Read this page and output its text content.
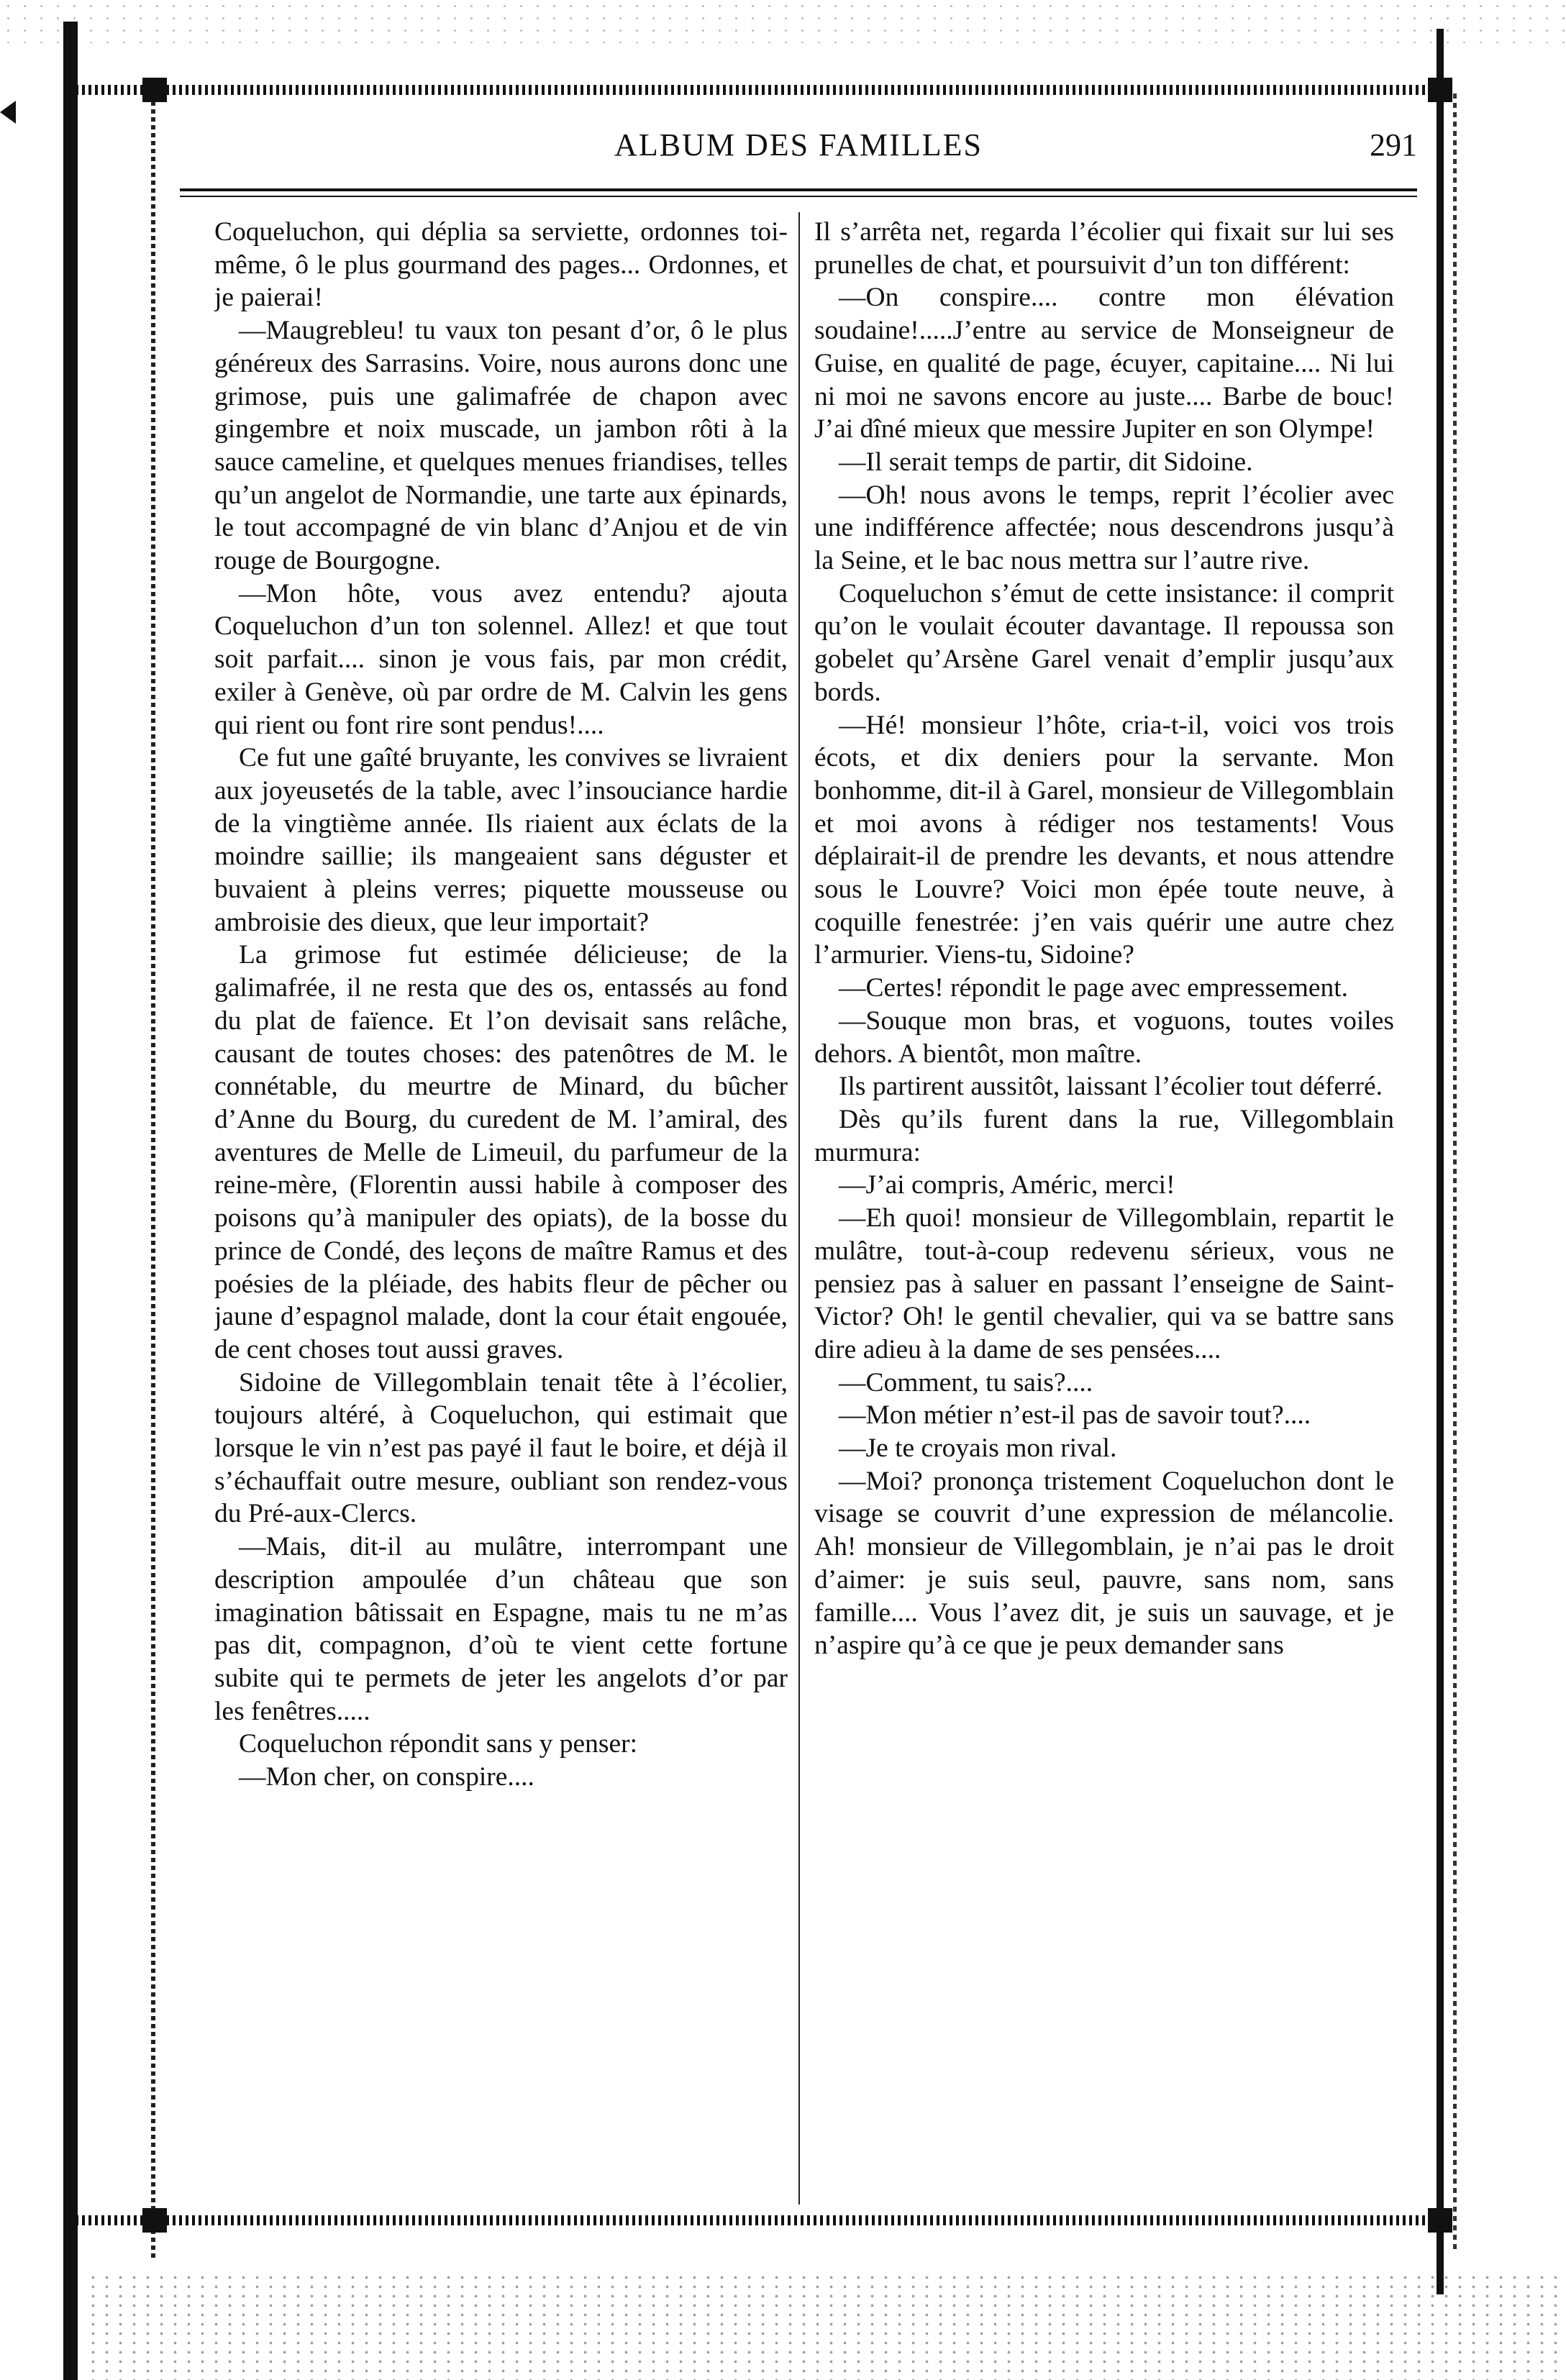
ALBUM DES FAMILLES	291

Coqueluchon, qui déplia sa serviette, ordonnes toi-même, ô le plus gourmand des pages... Ordonnes, et je paierai!

—Maugrebleu! tu vaux ton pesant d’or, ô le plus généreux des Sarrasins. Voire, nous aurons donc une grimose, puis une galimafrée de chapon avec gingembre et noix muscade, un jambon rôti à la sauce cameline, et quelques menues friandises, telles qu’un angelot de Normandie, une tarte aux épinards, le tout accompagné de vin blanc d’Anjou et de vin rouge de Bourgogne.

—Mon hôte, vous avez entendu? ajouta Coqueluchon d’un ton solennel. Allez! et que tout soit parfait.... sinon je vous fais, par mon crédit, exiler à Genève, où par ordre de M. Calvin les gens qui rient ou font rire sont pendus!....

Ce fut une gaîté bruyante, les convives se livraient aux joyeusetés de la table, avec l’insouciance hardie de la vingtième année. Ils riaient aux éclats de la moindre saillie; ils mangeaient sans déguster et buvaient à pleins verres; piquette mousseuse ou ambroisie des dieux, que leur importait?

La grimose fut estimée délicieuse; de la galimafrée, il ne resta que des os, entassés au fond du plat de faïence. Et l’on devisait sans relâche, causant de toutes choses: des patenôtres de M. le connétable, du meurtre de Minard, du bûcher d’Anne du Bourg, du curedent de M. l’amiral, des aventures de Melle de Limeuil, du parfumeur de la reine-mère, (Florentin aussi habile à composer des poisons qu’à manipuler des opiats), de la bosse du prince de Condé, des leçons de maître Ramus et des poésies de la pléiade, des habits fleur de pêcher ou jaune d’espagnol malade, dont la cour était engouée, de cent choses tout aussi graves.

Sidoine de Villegomblain tenait tête à l’écolier, toujours altéré, à Coqueluchon, qui estimait que lorsque le vin n’est pas payé il faut le boire, et déjà il s’échauffait outre mesure, oubliant son rendez-vous du Pré-aux-Clercs.

—Mais, dit-il au mulâtre, interrompant une description ampoulée d’un château que son imagination bâtissait en Espagne, mais tu ne m’as pas dit, compagnon, d’où te vient cette fortune subite qui te permets de jeter les angelots d’or par les fenêtres.....

Coqueluchon répondit sans y penser:

—Mon cher, on conspire....

Il s’arrêta net, regarda l’écolier qui fixait sur lui ses prunelles de chat, et poursuivit d’un ton différent:

—On conspire.... contre mon élévation soudaine!.....J’entre au service de Monseigneur de Guise, en qualité de page, écuyer, capitaine.... Ni lui ni moi ne savons encore au juste.... Barbe de bouc! J’ai dîné mieux que messire Jupiter en son Olympe!

—Il serait temps de partir, dit Sidoine.

—Oh! nous avons le temps, reprit l’écolier avec une indifférence affectée; nous descendrons jusqu’à la Seine, et le bac nous mettra sur l’autre rive.

Coqueluchon s’émut de cette insistance: il comprit qu’on le voulait écouter davantage. Il repoussa son gobelet qu’Arsène Garel venait d’emplir jusqu’aux bords.

—Hé! monsieur l’hôte, cria-t-il, voici vos trois écots, et dix deniers pour la servante. Mon bonhomme, dit-il à Garel, monsieur de Villegomblain et moi avons à rédiger nos testaments! Vous déplairait-il de prendre les devants, et nous attendre sous le Louvre? Voici mon épée toute neuve, à coquille fenestrée: j’en vais quérir une autre chez l’armurier. Viens-tu, Sidoine?

—Certes! répondit le page avec empressement.

—Souque mon bras, et voguons, toutes voiles dehors. A bientôt, mon maître.

Ils partirent aussitôt, laissant l’écolier tout déferré.

Dès qu’ils furent dans la rue, Villegomblain murmura:

—J’ai compris, Améric, merci!

—Eh quoi! monsieur de Villegomblain, repartit le mulâtre, tout-à-coup redevenu sérieux, vous ne pensiez pas à saluer en passant l’enseigne de Saint-Victor? Oh! le gentil chevalier, qui va se battre sans dire adieu à la dame de ses pensées....

—Comment, tu sais?....

—Mon métier n’est-il pas de savoir tout?....

—Je te croyais mon rival.

—Moi? prononça tristement Coqueluchon dont le visage se couvrit d’une expression de mélancolie. Ah! monsieur de Villegomblain, je n’ai pas le droit d’aimer: je suis seul, pauvre, sans nom, sans famille.... Vous l’avez dit, je suis un sauvage, et je n’aspire qu’à ce que je peux demander sans
